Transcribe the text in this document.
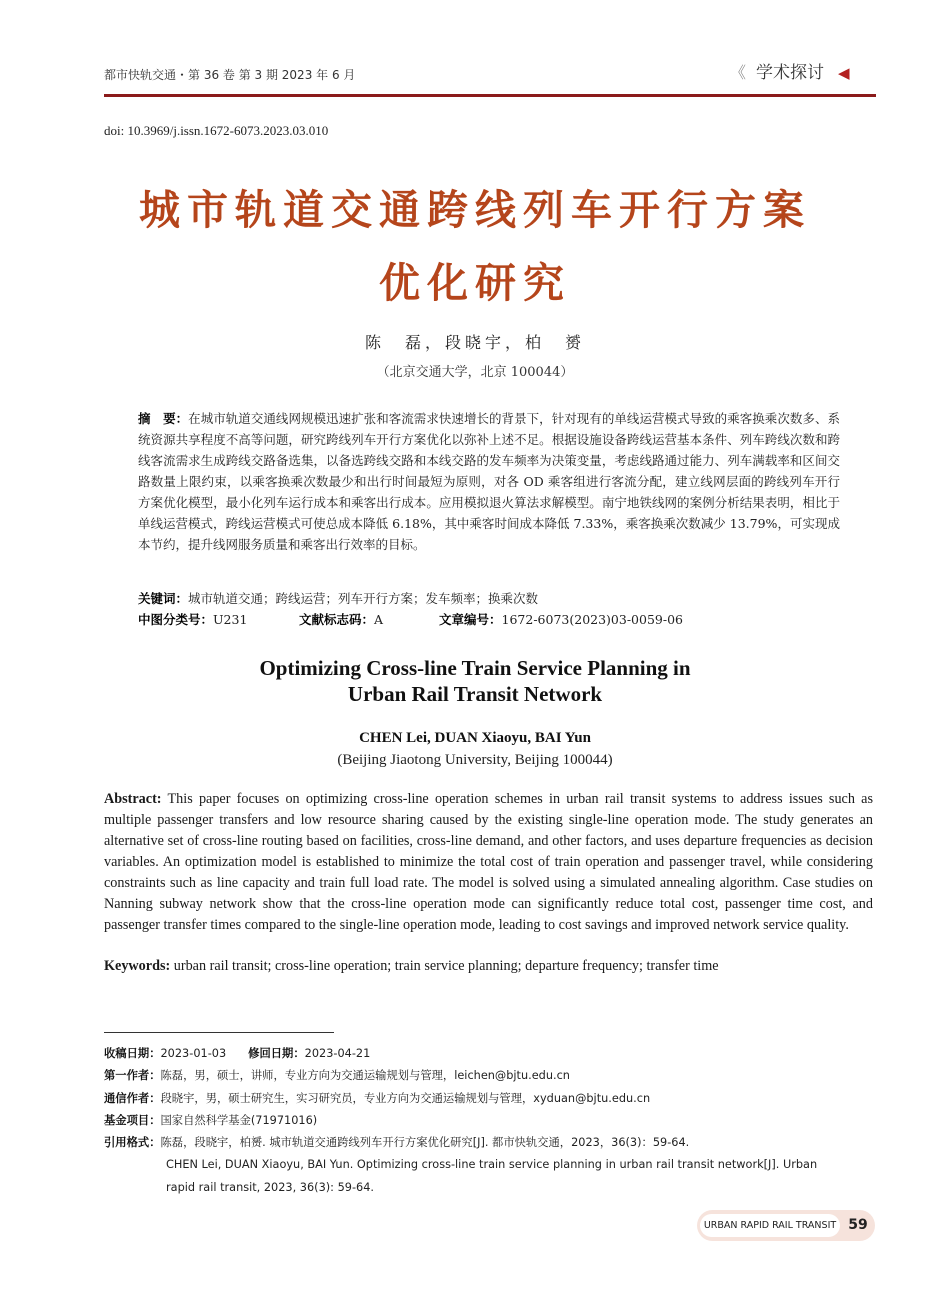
都市快轨交通・第 36 卷 第 3 期 2023 年 6 月	《 学术探讨 ◀
doi: 10.3969/j.issn.1672-6073.2023.03.010
城市轨道交通跨线列车开行方案
优化研究
陈　磊，段晓宇，柏　赟
（北京交通大学，北京 100044）
摘　要：在城市轨道交通线网规模迅速扩张和客流需求快速增长的背景下，针对现有的单线运营模式导致的乘客换乘次数多、系统资源共享程度不高等问题，研究跨线列车开行方案优化以弥补上述不足。根据设施设备跨线运营基本条件、列车跨线次数和跨线客流需求生成跨线交路备选集，以备选跨线交路和本线交路的发车频率为决策变量，考虑线路通过能力、列车满载率和区间交路数量上限约束，以乘客换乘次数最少和出行时间最短为原则，对各 OD 乘客组进行客流分配，建立线网层面的跨线列车开行方案优化模型，最小化列车运行成本和乘客出行成本。应用模拟退火算法求解模型。南宁地铁线网的案例分析结果表明，相比于单线运营模式，跨线运营模式可使总成本降低 6.18%，其中乘客时间成本降低 7.33%，乘客换乘次数减少 13.79%，可实现成本节约，提升线网服务质量和乘客出行效率的目标。
关键词：城市轨道交通；跨线运营；列车开行方案；发车频率；换乘次数
中图分类号：U231	文献标志码：A	文章编号：1672-6073(2023)03-0059-06
Optimizing Cross-line Train Service Planning in
Urban Rail Transit Network
CHEN Lei, DUAN Xiaoyu, BAI Yun
(Beijing Jiaotong University, Beijing 100044)
Abstract: This paper focuses on optimizing cross-line operation schemes in urban rail transit systems to address issues such as multiple passenger transfers and low resource sharing caused by the existing single-line operation mode. The study generates an alternative set of cross-line routing based on facilities, cross-line demand, and other factors, and uses departure frequencies as decision variables. An optimization model is established to minimize the total cost of train operation and passenger travel, while considering constraints such as line capacity and train full load rate. The model is solved using a simulated annealing algorithm. Case studies on Nanning subway network show that the cross-line operation mode can significantly reduce total cost, passenger time cost, and passenger transfer times compared to the single-line operation mode, leading to cost savings and improved network service quality.
Keywords: urban rail transit; cross-line operation; train service planning; departure frequency; transfer time
收稿日期：2023-01-03 修回日期：2023-04-21
第一作者：陈磊，男，硕士，讲师，专业方向为交通运输规划与管理，leichen@bjtu.edu.cn
通信作者：段晓宇，男，硕士研究生，实习研究员，专业方向为交通运输规划与管理，xyduan@bjtu.edu.cn
基金项目：国家自然科学基金(71971016)
引用格式：陈磊，段晓宇，柏赟. 城市轨道交通跨线列车开行方案优化研究[J]. 都市快轨交通，2023，36(3)：59-64.
CHEN Lei, DUAN Xiaoyu, BAI Yun. Optimizing cross-line train service planning in urban rail transit network[J]. Urban
rapid rail transit, 2023, 36(3): 59-64.
URBAN RAPID RAIL TRANSIT 59
